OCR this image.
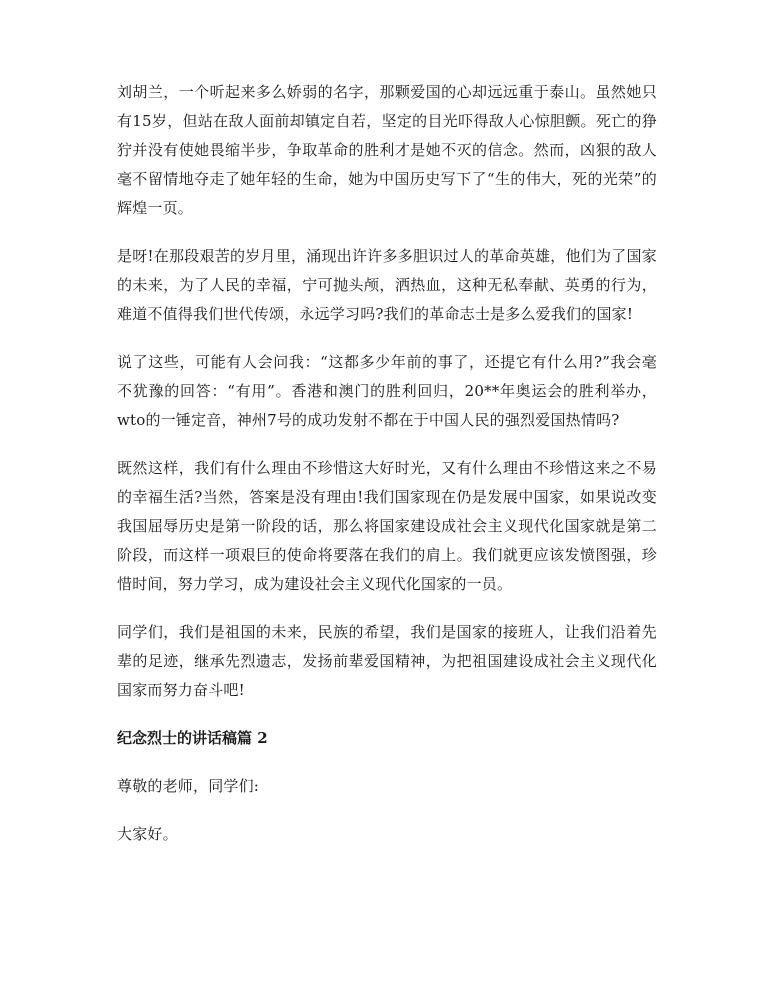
刘胡兰，一个听起来多么娇弱的名字，那颗爱国的心却远远重于泰山。虽然她只有15岁，但站在敌人面前却镇定自若，坚定的目光吓得敌人心惊胆颤。死亡的狰狞并没有使她畏缩半步，争取革命的胜利才是她不灭的信念。然而，凶狠的敌人毫不留情地夺走了她年轻的生命，她为中国历史写下了“生的伟大，死的光荣”的辉煌一页。

是呀!在那段艰苦的岁月里，涌现出许许多多胆识过人的革命英雄，他们为了国家的未来，为了人民的幸福，宁可抛头颅，洒热血，这种无私奉献、英勇的行为，难道不值得我们世代传颂，永远学习吗?我们的革命志士是多么爱我们的国家!

说了这些，可能有人会问我：“这都多少年前的事了，还提它有什么用?”我会毫不犹豫的回答：“有用”。香港和澳门的胜利回归，20**年奥运会的胜利举办，wto的一锤定音，神州7号的成功发射不都在于中国人民的强烈爱国热情吗?

既然这样，我们有什么理由不珍惜这大好时光，又有什么理由不珍惜这来之不易的幸福生活?当然，答案是没有理由!我们国家现在仍是发展中国家，如果说改变我国屈辱历史是第一阶段的话，那么将国家建设成社会主义现代化国家就是第二阶段，而这样一项艰巨的使命将要落在我们的肩上。我们就更应该发愤图强，珍惜时间，努力学习，成为建设社会主义现代化国家的一员。

同学们，我们是祖国的未来，民族的希望，我们是国家的接班人，让我们沿着先辈的足迹，继承先烈遗志，发扬前辈爱国精神，为把祖国建设成社会主义现代化国家而努力奋斗吧!

纪念烈士的讲话稿篇 2

尊敬的老师，同学们:

大家好。
